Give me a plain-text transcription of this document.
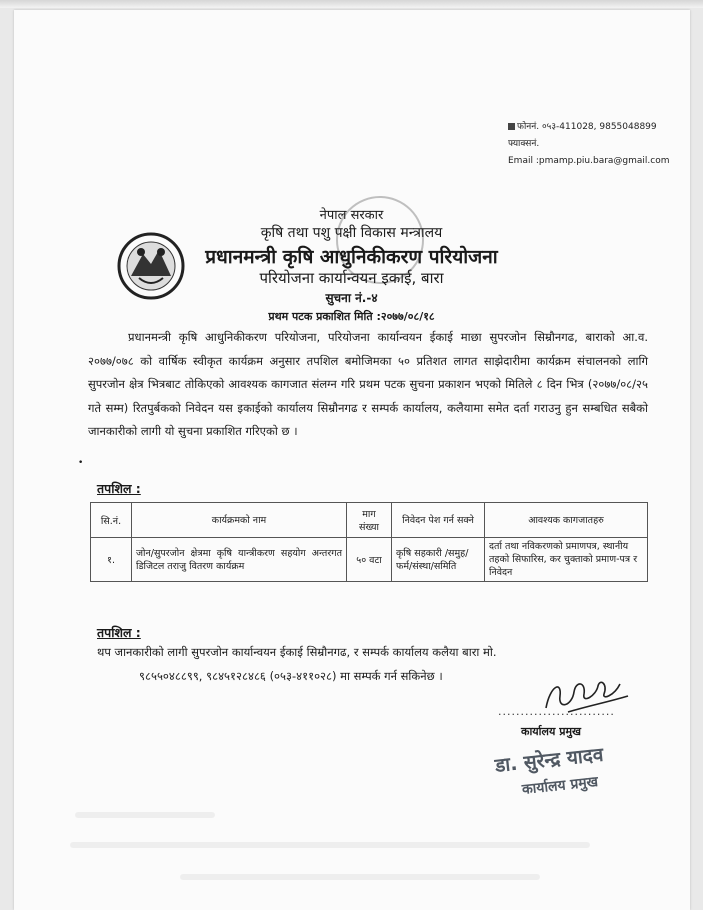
फोननं. ०५३-411028, 9855048899
फ्याक्सनं.
Email :pmamp.piu.bara@gmail.com
नेपाल सरकार
कृषि तथा पशु पक्षी विकास मन्त्रालय
प्रधानमन्त्री कृषि आधुनिकीकरण परियोजना
परियोजना कार्यान्वयन इकाई, बारा
सुचना नं.-४
प्रथम पटक प्रकाशित मिति :२०७७/०८/१८
प्रधानमन्त्री कृषि आधुनिकीकरण परियोजना, परियोजना कार्यान्वयन ईकाई माछा सुपरजोन सिम्रौनगढ, बाराको आ.व. २०७७/०७८ को वार्षिक स्वीकृत कार्यक्रम अनुसार तपशिल बमोजिमका ५० प्रतिशत लागत साझेदारीमा कार्यक्रम संचालनको लागि सुपरजोन क्षेत्र भित्रबाट तोकिएको आवश्यक कागजात संलग्न गरि प्रथम पटक सुचना प्रकाशन भएको मितिले ८ दिन भित्र (२०७७/०८/२५ गते सम्म) रितपुर्बकको निवेदन यस इकाईको कार्यालय सिम्रौनगढ र सम्पर्क कार्यालय, कलैयामा समेत दर्ता गराउनु हुन सम्बधित सबैको जानकारीको लागी यो सुचना प्रकाशित गरिएको छ ।
•
तपशिल :
सि.नं.	कार्यक्रमको नाम	माग संख्या	निवेदन पेश गर्न सक्ने	आवश्यक कागजातहरु
१.	जोन/सुपरजोन क्षेत्रमा कृषि यान्त्रीकरण सहयोग अन्तरगत डिजिटल तराजु वितरण कार्यक्रम	५० वटा	कृषि सहकारी /समुह/फर्म/संस्था/समिति	दर्ता तथा नविकरणको प्रमाणपत्र, स्थानीय तहको सिफारिस, कर चुक्ताको प्रमाण-पत्र र निवेदन
तपशिल :
थप जानकारीको लागी सुपरजोन कार्यान्वयन ईकाई सिम्रौनगढ, र सम्पर्क कार्यालय कलैया बारा मो.
९८५५०४८८९९, ९८४५१२८४८६ (०५३-४११०२८) मा सम्पर्क गर्न सकिनेछ ।
..........................
कार्यालय प्रमुख
डा. सुरेन्द्र यादव
कार्यालय प्रमुख
